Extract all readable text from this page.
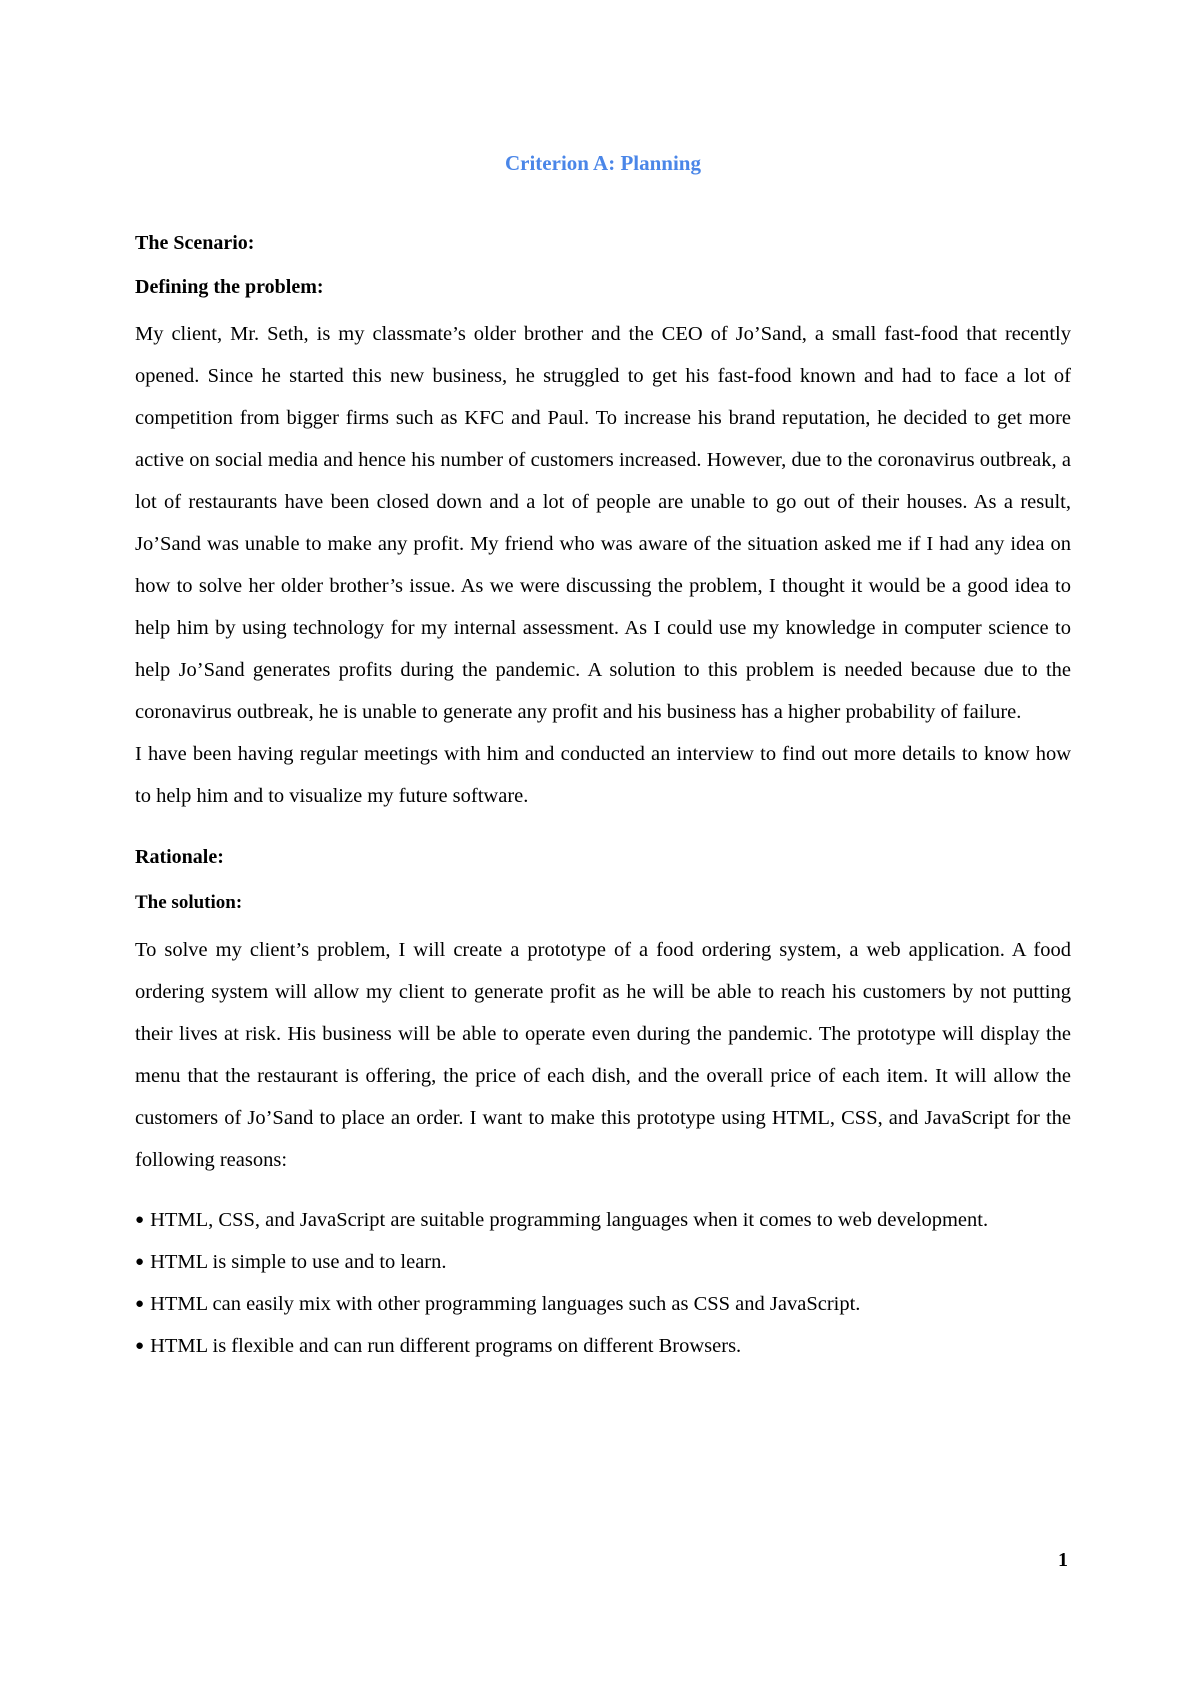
Criterion A: Planning
The Scenario:
Defining the problem:

My client, Mr. Seth, is my classmate’s older brother and the CEO of Jo’Sand, a small fast-food that recently opened. Since he started this new business, he struggled to get his fast-food known and had to face a lot of competition from bigger firms such as KFC and Paul. To increase his brand reputation, he decided to get more active on social media and hence his number of customers increased. However, due to the coronavirus outbreak, a lot of restaurants have been closed down and a lot of people are unable to go out of their houses. As a result, Jo’Sand was unable to make any profit. My friend who was aware of the situation asked me if I had any idea on how to solve her older brother’s issue. As we were discussing the problem, I thought it would be a good idea to help him by using technology for my internal assessment. As I could use my knowledge in computer science to help Jo’Sand generates profits during the pandemic. A solution to this problem is needed because due to the coronavirus outbreak, he is unable to generate any profit and his business has a higher probability of failure.

I have been having regular meetings with him and conducted an interview to find out more details to know how to help him and to visualize my future software.

Rationale:
The solution:

To solve my client’s problem, I will create a prototype of a food ordering system, a web application. A food ordering system will allow my client to generate profit as he will be able to reach his customers by not putting their lives at risk. His business will be able to operate even during the pandemic. The prototype will display the menu that the restaurant is offering, the price of each dish, and the overall price of each item. It will allow the customers of Jo’Sand to place an order. I want to make this prototype using HTML, CSS, and JavaScript for the following reasons:

● HTML, CSS, and JavaScript are suitable programming languages when it comes to web development.
● HTML is simple to use and to learn.
● HTML can easily mix with other programming languages such as CSS and JavaScript.
● HTML is flexible and can run different programs on different Browsers.
1
